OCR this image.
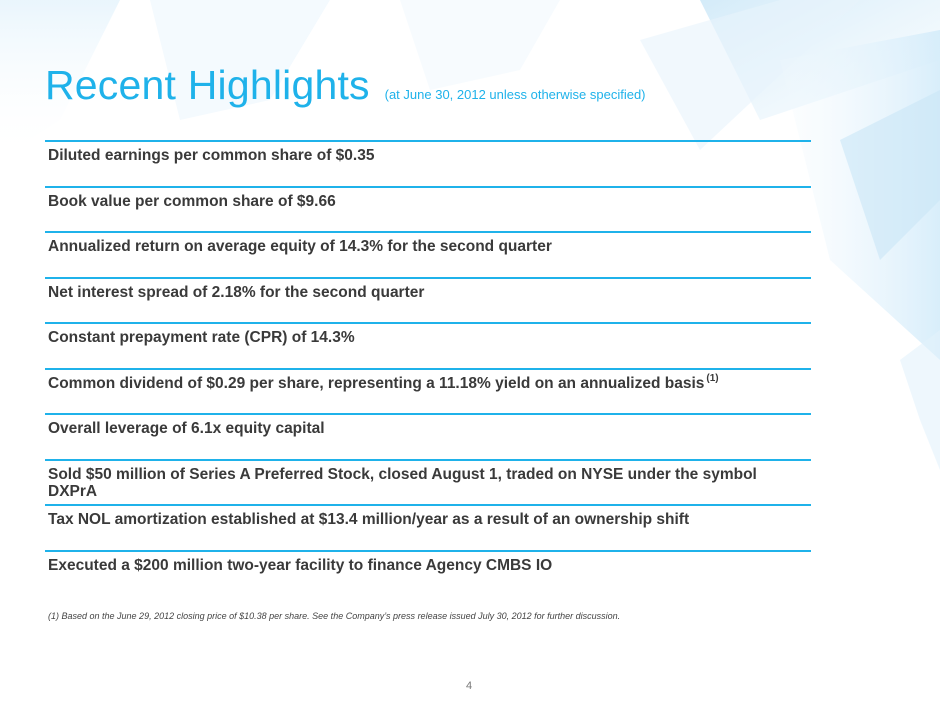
Recent Highlights (at June 30, 2012 unless otherwise specified)
Diluted earnings per common share of $0.35
Book value per common share of $9.66
Annualized return on average equity of 14.3% for the second quarter
Net interest spread of 2.18% for the second quarter
Constant prepayment rate (CPR) of 14.3%
Common dividend of $0.29 per share, representing a 11.18% yield on an annualized basis $^{(1)}$
Overall leverage of 6.1x equity capital
Sold $50 million of Series A Preferred Stock, closed August 1, traded on NYSE under the symbol DXPrA
Tax NOL amortization established at $13.4 million/year as a result of an ownership shift
Executed a $200 million two-year facility to finance Agency CMBS IO
(1) Based on the June 29, 2012 closing price of $10.38 per share. See the Company’s press release issued July 30, 2012 for further discussion.
4
